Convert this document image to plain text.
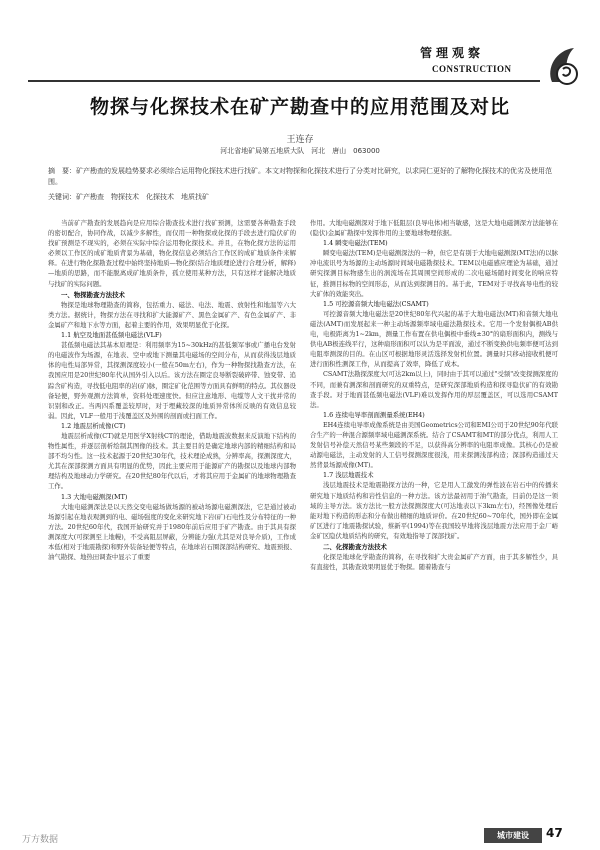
管理观察
CONSTRUCTION
物探与化探技术在矿产勘查中的应用范围及对比
王连存
河北省地矿局第五地质大队　河北　唐山　063000
摘　要：矿产勘查的发展趋势要求必须综合运用物化探技术进行找矿。本文对物探和化探技术进行了分类对比研究，以求同仁更好的了解物化探技术的优劣及使用范围。
关键词：矿产勘查　物探技术　化探技术　地质找矿

当前矿产勘查的发展趋向是应用综合勘查技术进行找矿预测，这需要各种勘查手段的密切配合，协同作战，以减少多解性，而仅用一种物探或化探的手段去进行隐伏矿的找矿预测是不现实的，必须在实际中综合运用物化探技术。并且，在物化探方法的运用必须以工作区的成矿地质背景为基础，物化探信息必须结合工作区的成矿地质条件来解释。在进行物化探勘查过程中始终坚持地质—物化探(结合地质理论进行合理分析，解释)—地质的思路，而不能脱离成矿地质条件，孤立使用某种方法，只有这样才能解决地质与找矿的实际问题。

一、物探勘查方法技术

物探是地球物理勘查的简称，包括重力、磁法、电法、地震、放射性和地温等六大类方法。据统计，物探方法在寻找和扩大能源矿产、黑色金属矿产、有色金属矿产、非金属矿产和地下水等方面，起着主要的作用，效果明显优于化探。

1.1 航空及地面甚低频电磁法(VLF)

甚低频电磁法其基本原理是：利用频率为15~30kHz的甚低频军事或广播电台发射的电磁波作为场源，在地表、空中或地下测量其电磁场的空间分布，从而获得浅层地质体的电性局部异常，其探测深度较小(一般在50m左右)，作为一种物探找勘查方法，在我国应用是20世纪80年代从国外引入以后。该方法在圈定良导断裂破碎带、蚀变带、追踪含矿构造，寻找低电阻率的岩(矿)脉，圈定矿化范围等方面具有鲜明的特点。其仪器设备轻便，野外观测方法简单，资料处理速度快。但应注意地形、电缆等人文干扰并常的识别和改正。当两四系覆盖较厚时，对于埋藏较深的地质异常体所反映的有效信息较弱。因此，VLF一般用于浅覆盖区及外围的剖面或扫面工作。

1.2 地震层析成像(CT)

地震层析成像(CT)就是用医学X射线CT的理论，借助地震波数据来反演地下结构的物性属性，并逐层剖析绘制其图像的技术。其主要目的是确定地球内部的精细结构和局部不均匀性。这一技术起源于20世纪30年代，技术理论成熟，分辨率高，探测深度大，尤其在深部探测方面具有明显的优势，因此主要应用于能源矿产的勘探以及地球内部物理结构及地球动力学研究。在20世纪80年代以后，才将其应用于金属矿的地球物理勘查工作。

1.3 大地电磁测深(MT)

大地电磁测深法是以天然交变电磁场做场源的被动场源电磁测深法，它是通过被动场源引起在地表观测到的电、磁场强度的变化来研究地下岩(矿)石电性及分布特征的一种方法。20世纪60年代，我国开始研究并于1980年前后应用于矿产勘查。由于其具有探测深度大(可探测至上地幔)，不受高阻层屏蔽，分辨能力强(尤其是对良导介质)，工作成本低(相对于地震勘探)和野外装备轻便等特点，在地球岩石圈深部结构研究、地震预报、油气勘探、地热田调查中显示了重要

作用。大地电磁测深对于地下低阻层(良导电体)相当敏感，这是大地电磁测深方法能够在(隐伏)金属矿勘探中发挥作用的主要地球物理依据。

1.4 瞬变电磁法(TEM)

瞬变电磁法(TEM)是电磁测深法的一种，但它是有别于大地电磁测深(MT法)的以脉冲电流讯号为场源的主动场源时间域电磁勘探技术。TEM以电磁感应理论为基础，通过研究探测目标物感生出的涡流场在其周围空间形成的二次电磁场随时间变化的响应特征，推测目标物的空间形态，从而达到探测目的。基于此，TEM对于寻找高导电性的较大矿体的效能突出。

1.5 可控源音频大地电磁法(CSAMT)

可控源音频大地电磁法是20世纪80年代兴起的基于大地电磁法(MT)和音频大地电磁法(AMT)而发展起来一种主动场源频率域电磁法勘探技术。它用一个发射偶极AB供电，电极距离为1~2km，测量工作布置在供电偶极中垂线±30°的扇形面积内，测线与供电AB极连线平行，这种扇形面积可以认为是平面波，通过不断变换供电频率便可达到电阻率测深的目的。在山区可根据地形灵活选择发射机位置。测量时只移动接收机便可进行面积性测深工作，从而提高了效率，降低了成本。

CSAMT法勘探深度大(可达2km以上)，同时由于其可以通过"受频"改变探测深度的不同，而兼有测深和剖面研究的双重特点，是研究深部地质构造和探寻隐伏矿的有效勘查手段。对于地面甚低频电磁法(VLF)难以发挥作用的厚层覆盖区，可以选用CSAMT法。

1.6 连续电导率剖面测量系统(EH4)

EH4连续电导率成像系统是由美国Geometrics公司和EMI公司于20世纪90年代联合生产的一种混合源频率域电磁测深系统。结合了CSAMT和MT的部分优点，利用人工发射信号补偿天然信号某些频段的不足，以获得高分辨率的电阻率成像。其核心仍是被动源电磁法，主动发射的人工信号探测深度很浅，用来探测浅部构造；深部构造通过天然背景场源成像(MT)。

1.7 浅层地震技术

浅层地震技术是地震勘探方法的一种，它是用人工激发的弹性波在岩石中的传播来研究地下地质结构和岩性信息的一种方法。该方法最初用于油气勘查，目前仍是这一领域的主导方法。该方法比一般方法探测深度大(可达地表以下3km左右)，经图像处理后能对地下构造的形态和分布做出精细的地质评价。在20世纪60~70年代，国外即在金属矿区进行了地震勘探试验，蔡新平(1994)等在我国较早地将浅层地震方法应用于金厂峪金矿区隐伏地质结构的研究，有效地指导了深部找矿。

二、化探勘查方法技术

化探是地球化学勘查的简称，在寻找和扩大贵金属矿产方面，由于其多解性少，具有直接性，其勘查效果明显优于物探。随着勘查与

城市建设	47
万方数据
